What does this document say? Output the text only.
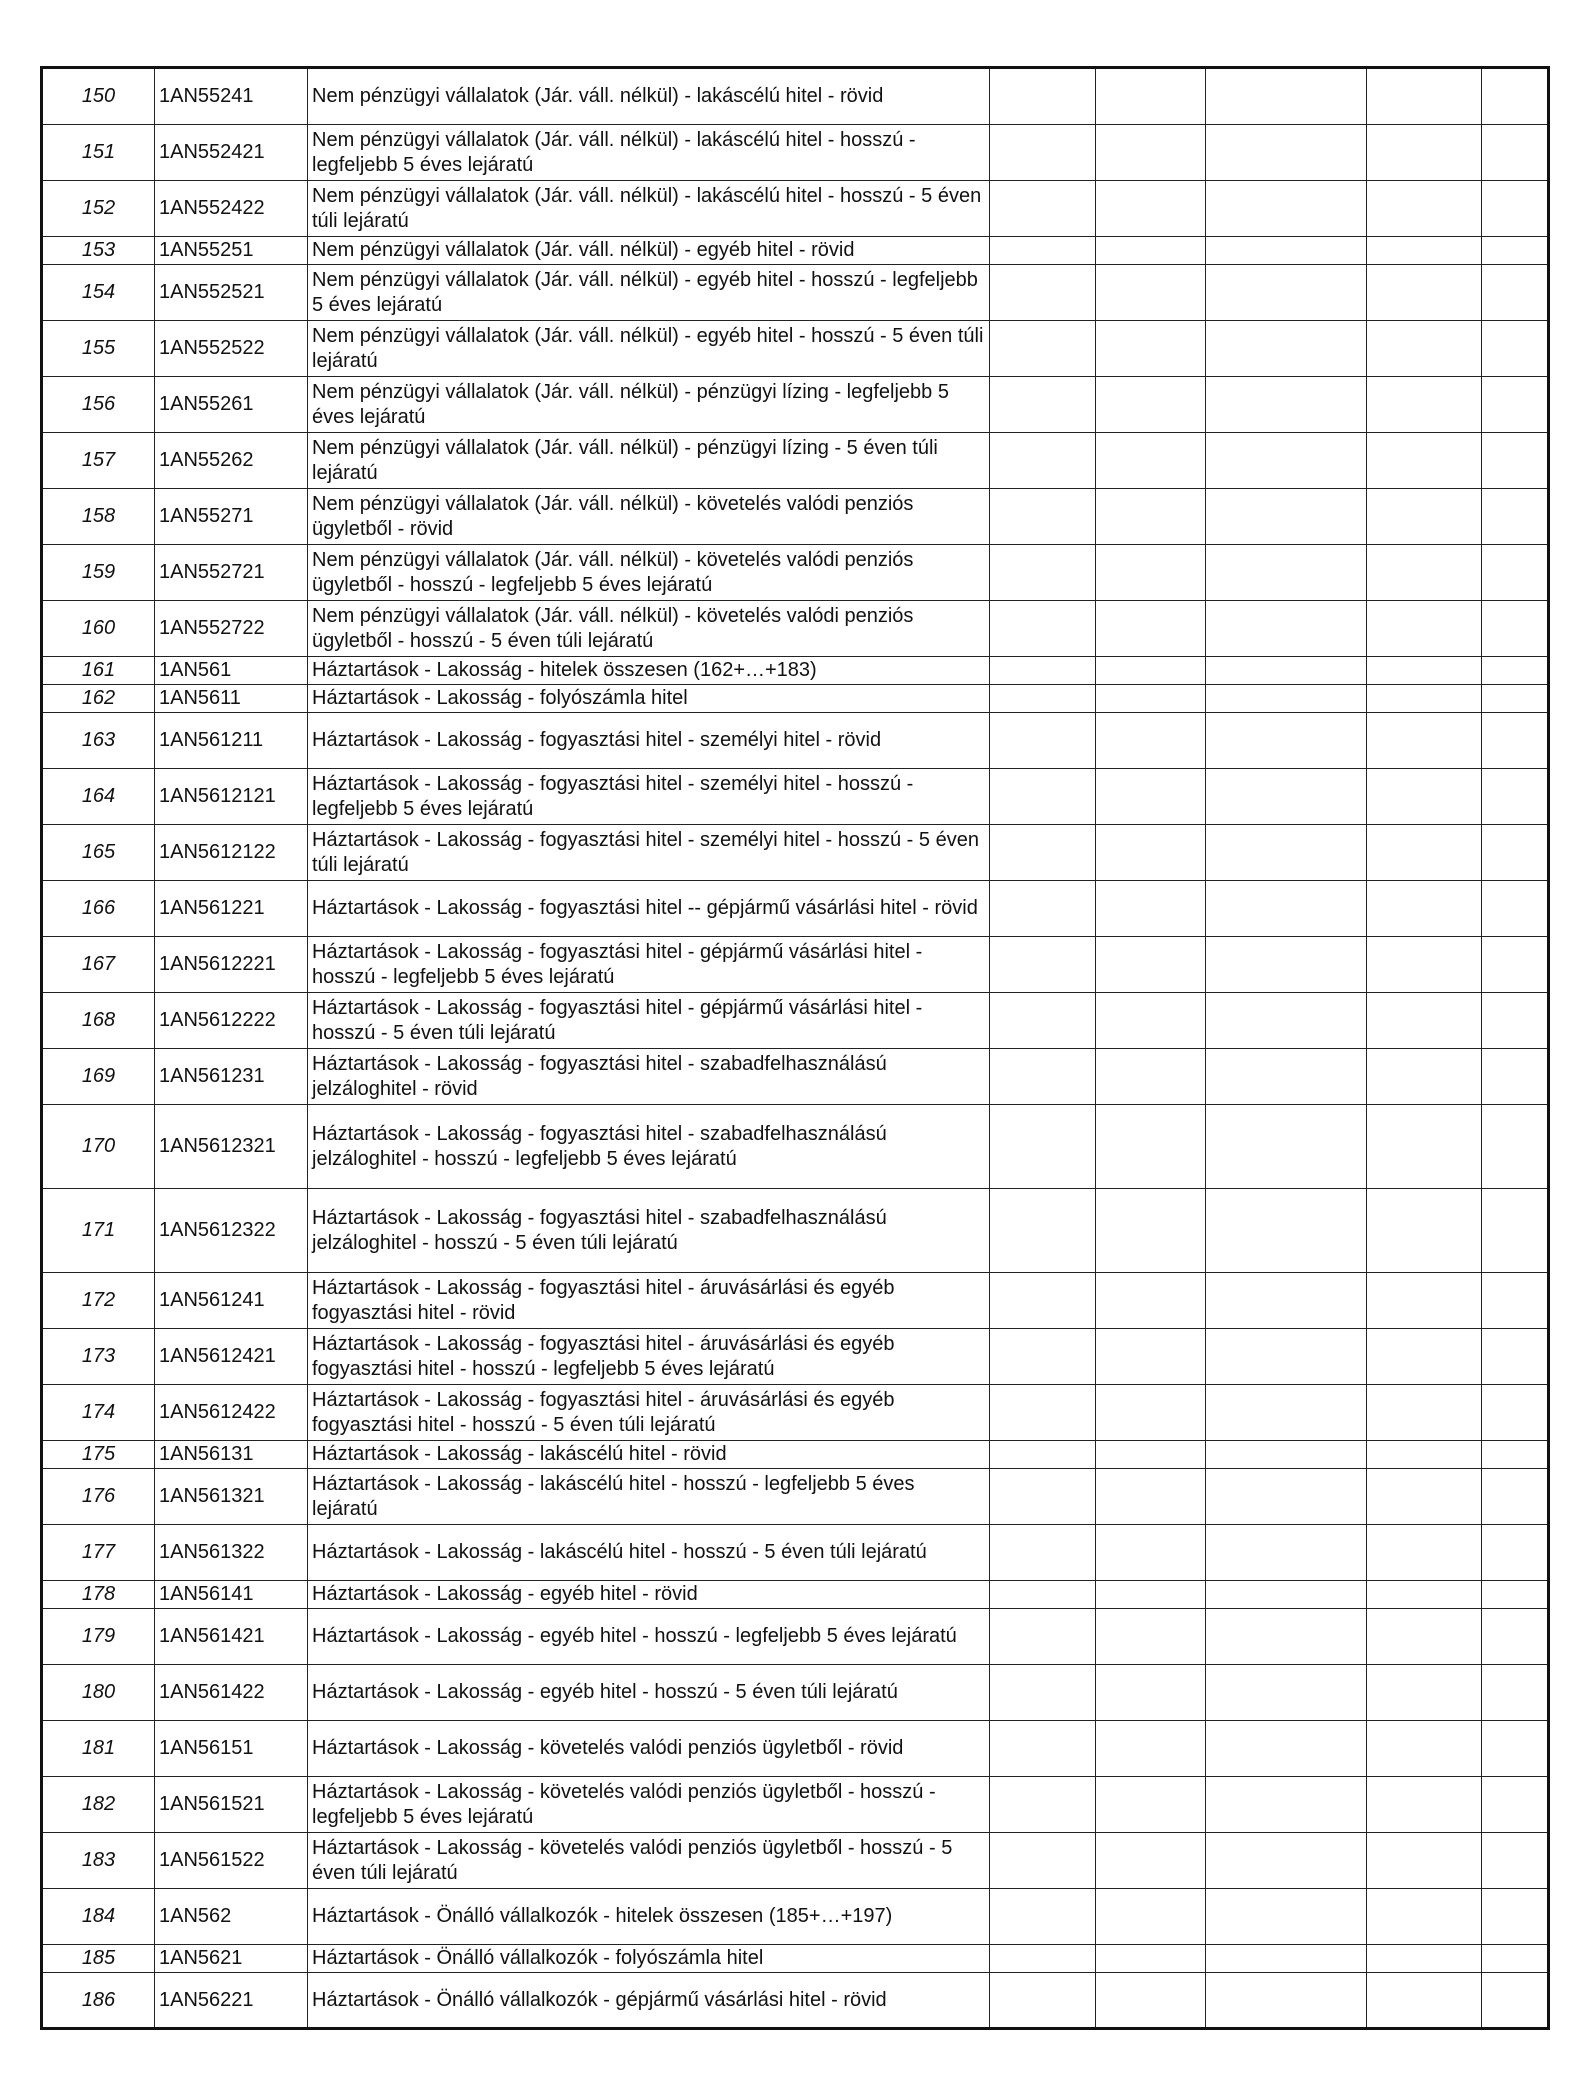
150	1AN55241	Nem pénzügyi vállalatok (Jár. váll. nélkül) - lakáscélú hitel - rövid					
151	1AN552421	Nem pénzügyi vállalatok (Jár. váll. nélkül) - lakáscélú hitel - hosszú - legfeljebb 5 éves lejáratú					
152	1AN552422	Nem pénzügyi vállalatok (Jár. váll. nélkül) - lakáscélú hitel - hosszú - 5 éven túli lejáratú					
153	1AN55251	Nem pénzügyi vállalatok (Jár. váll. nélkül) - egyéb hitel - rövid					
154	1AN552521	Nem pénzügyi vállalatok (Jár. váll. nélkül) - egyéb hitel - hosszú - legfeljebb 5 éves lejáratú					
155	1AN552522	Nem pénzügyi vállalatok (Jár. váll. nélkül) - egyéb hitel - hosszú - 5 éven túli lejáratú					
156	1AN55261	Nem pénzügyi vállalatok (Jár. váll. nélkül) - pénzügyi lízing - legfeljebb 5 éves lejáratú					
157	1AN55262	Nem pénzügyi vállalatok (Jár. váll. nélkül) - pénzügyi lízing - 5 éven túli lejáratú					
158	1AN55271	Nem pénzügyi vállalatok (Jár. váll. nélkül) - követelés valódi penziós ügyletből - rövid					
159	1AN552721	Nem pénzügyi vállalatok (Jár. váll. nélkül) - követelés valódi penziós ügyletből - hosszú - legfeljebb 5 éves lejáratú					
160	1AN552722	Nem pénzügyi vállalatok (Jár. váll. nélkül) - követelés valódi penziós ügyletből - hosszú - 5 éven túli lejáratú					
161	1AN561	Háztartások - Lakosság - hitelek összesen (162+…+183)					
162	1AN5611	Háztartások - Lakosság - folyószámla hitel					
163	1AN561211	Háztartások - Lakosság - fogyasztási hitel - személyi hitel - rövid					
164	1AN5612121	Háztartások - Lakosság - fogyasztási hitel - személyi hitel - hosszú - legfeljebb 5 éves lejáratú					
165	1AN5612122	Háztartások - Lakosság - fogyasztási hitel - személyi hitel - hosszú - 5 éven túli lejáratú					
166	1AN561221	Háztartások - Lakosság - fogyasztási hitel -- gépjármű vásárlási hitel - rövid					
167	1AN5612221	Háztartások - Lakosság - fogyasztási hitel - gépjármű vásárlási hitel - hosszú - legfeljebb 5 éves lejáratú					
168	1AN5612222	Háztartások - Lakosság - fogyasztási hitel - gépjármű vásárlási hitel - hosszú - 5 éven túli lejáratú					
169	1AN561231	Háztartások - Lakosság - fogyasztási hitel - szabadfelhasználású jelzáloghitel - rövid					
170	1AN5612321	Háztartások - Lakosság - fogyasztási hitel - szabadfelhasználású jelzáloghitel - hosszú - legfeljebb 5 éves lejáratú					
171	1AN5612322	Háztartások - Lakosság - fogyasztási hitel - szabadfelhasználású jelzáloghitel - hosszú - 5 éven túli lejáratú					
172	1AN561241	Háztartások - Lakosság - fogyasztási hitel - áruvásárlási és egyéb fogyasztási hitel - rövid					
173	1AN5612421	Háztartások - Lakosság - fogyasztási hitel - áruvásárlási és egyéb fogyasztási hitel - hosszú - legfeljebb 5 éves lejáratú					
174	1AN5612422	Háztartások - Lakosság - fogyasztási hitel - áruvásárlási és egyéb fogyasztási hitel - hosszú - 5 éven túli lejáratú					
175	1AN56131	Háztartások - Lakosság - lakáscélú hitel - rövid					
176	1AN561321	Háztartások - Lakosság - lakáscélú hitel - hosszú - legfeljebb 5 éves lejáratú					
177	1AN561322	Háztartások - Lakosság - lakáscélú hitel - hosszú - 5 éven túli lejáratú					
178	1AN56141	Háztartások - Lakosság - egyéb hitel - rövid					
179	1AN561421	Háztartások - Lakosság - egyéb hitel - hosszú - legfeljebb 5 éves lejáratú					
180	1AN561422	Háztartások - Lakosság - egyéb hitel - hosszú - 5 éven túli lejáratú					
181	1AN56151	Háztartások - Lakosság - követelés valódi penziós ügyletből - rövid					
182	1AN561521	Háztartások - Lakosság - követelés valódi penziós ügyletből - hosszú - legfeljebb 5 éves lejáratú					
183	1AN561522	Háztartások - Lakosság - követelés valódi penziós ügyletből - hosszú - 5 éven túli lejáratú					
184	1AN562	Háztartások - Önálló vállalkozók - hitelek összesen (185+…+197)					
185	1AN5621	Háztartások - Önálló vállalkozók - folyószámla hitel					
186	1AN56221	Háztartások - Önálló vállalkozók - gépjármű vásárlási hitel - rövid					
